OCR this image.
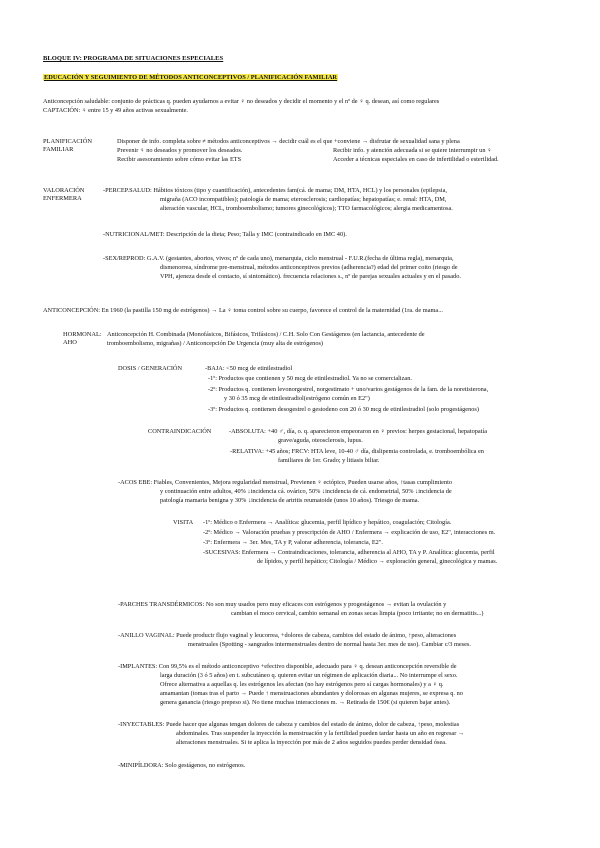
BLOQUE IV: PROGRAMA DE SITUACIONES ESPECIALES
EDUCACIÓN Y SEGUIMIENTO DE MÉTODOS ANTICONCEPTIVOS / PLANIFICACIÓN FAMILIAR
Anticoncepción saludable: conjunto de prácticas q. pueden ayudarnos a evitar ♀ no deseados y decidir el momento y el nº de ♀ q. desean, así como regulares
CAPTACIÓN: ♀ entre 15 y 49 años activas sexualmente.
PLANIFICACIÓN
FAMILIAR
Disponer de info. completa sobre ≠ métodos anticonceptivos → decidir cuál es el que +conviene → disfrutar de sexualidad sana y plena
Prevenir ♀ no deseados y promover los deseados.	Recibir info. y atención adecuada si se quiere interrumpir un ♀
Recibir asesoramiento sobre cómo evitar las ETS	Acceder a técnicas especiales en caso de infertilidad o esterilidad.
VALORACIÓN
ENFERMERA
-PERCEP.SALUD: Hábitos tóxicos (tipo y cuantificación), antecedentes fam(cá. de mama; DM, HTA, HCL) y los personales (epilepsia,
migraña (ACO incompatibles); patología de mama; eterosclerosis; cardiopatías; hepatopatías; e. renal: HTA, DM,
alteración vascular, HCL, tromboembolismo; tumores ginecológicos); TTO farmacológicos; alergia medicamentosa.
-NUTRICIONAL/MET: Descripción de la dieta; Peso; Talla y IMC (contraindicado en IMC 40).
-SEX/REPROD: G.A.V. (gestantes, abortos, vivos; nº de cada uno), menarquia, ciclo menstrual - F.U.R.(fecha de última regla), menarquia,
dismenorrea, síndrome pre-menstrual, métodos anticonceptivos previos (adherencia?) edad del primer coito (riesgo de
VPH, ajeneza desde el contacto, sí sintomático). frecuencia relaciones s., nº de parejas sexuales actuales y en el pasado.
ANTICONCEPCIÓN: En 1960 (la pastilla 150 mg de estrógenos) → La ♀ toma control sobre su cuerpo, favorece el control de la maternidad (1ra. de mama...
HORMONAL:
AHO
Anticoncepción H. Combinada (Monofásicos, Bifásicos, Trifásicos) / C.H. Solo Con Gestágenos (en lactancia, antecedente de
tromboembolismo, migrañas) / Anticoncepción De Urgencia (muy alta de estrógenos)
DOSIS / GENERACIÓN	-BAJA: <50 mcg de etinilestradiol
-1º: Productos que contienen y 50 mcg de etinilestradiol. Ya no se comercializan.
-2º: Productos q. contienen levonorgestrel, norgestimato + uno/varios gestágenos de la fam. de la noretisterona,
y 30 ó 35 mcg de etinilestradiol(estrógeno común en E2")
-3º: Productos q. contienen desogestrel o gestodeno con 20 ó 30 mcg de etinilestradiol (solo progestágenos)
CONTRAINDICACIÓN	-ABSOLUTA: +40 ♂, día, o. q. aparecieron empeoraron en ♀ previos: herpes gestacional, hepatopatía
grave/aguda, oteosclerosis, lupus.
-RELATIVA: +45 años; FRCV: HTA leve, 10-40 ♂ día, dislipemia controlada, e. tromboembólica en
familiares de 1er. Grado; y litiasis biliar.
-ACOS EBE: Fiables, Convenientes, Mejora regularidad menstrual, Previenen ♀ ectópico, Pueden usarse años, ↑tasas cumplimiento
y continuación entre adultos, 40% ↓incidencia cá. ovárico, 50% ↓incidencia de cá. endometrial, 50% ↓incidencia de
patología mamaria benigna y 30% ↓incidencia de artritis reumatoide (unos 10 años). Triesgo de mama.
VISITA -1º: Médico o Enfermera → Analítica: glucemia, perfil lipídico y hepático, coagulación; Citología.
-2º: Médico → Valoración pruebas y prescripción de AHO / Enfermera → explicación de uso, E2", interacciones m.
-3º: Enfermera → 3er. Mes, TA y P, valorar adherencia, tolerancia, E2".
-SUCESIVAS: Enfermera → Contraindicaciones, tolerancia, adherencia al AHO, TA y P. Analítica: glucemia, perfil
de lípidos, y perfil hepático; Citología / Médico → exploración general, ginecológica y mamas.
-PARCHES TRANSDÉRMICOS: No son muy usados pero muy eficaces con estrógenos y progestágenos → evitan la ovulación y
cambian el moco cervical, cambio semanal en zonas secas limpia (poco irritante; no en dermatitis...)
-ANILLO VAGINAL: Puede producir flujo vaginal y leucorrea, +dolores de cabeza, cambios del estado de ánimo, ↑peso, alteraciones
menstruales (Spotting - sangrados intermenstruales dentro de normal hasta 3er. mes de uso). Cambiar c/3 meses.
-IMPLANTES: Con 99,5% es el método anticonceptivo +efectivo disponible, adecuado para ♀ q. desean anticoncepción reversible de
larga duración (3 ó 5 años) en t. subcutáneo q. quieren evitar un régimen de aplicación diaria... No interrumpe el sexo.
Ofrece alternativa a aquellas q. les estrógenos les afectan (no hay estrógenos pero sí cargas hormonales) y a ♀ q.
amamantan (tomas tras el parto → Puede ↑ menstruaciones abundantes y dolorosas en algunas mujeres, se expresa q. no
genera ganancia (riesgo prepeso si). No tiene muchas interacciones m. → Retirada de 150€ (si quieren bajar antes).
-INYECTABLES: Puede hacer que algunas tengan dolores de cabeza y cambios del estado de ánimo, dolor de cabeza, ↑peso, molestias
abdominales. Tras suspender la inyección la menstruación y la fertilidad pueden tardar hasta un año en regresar →
alteraciones menstruales. Si te aplica la inyección por más de 2 años seguidos puedes perder densidad ósea.
-MINIPÍLDORA: Solo gestágenos, no estrógenos.
